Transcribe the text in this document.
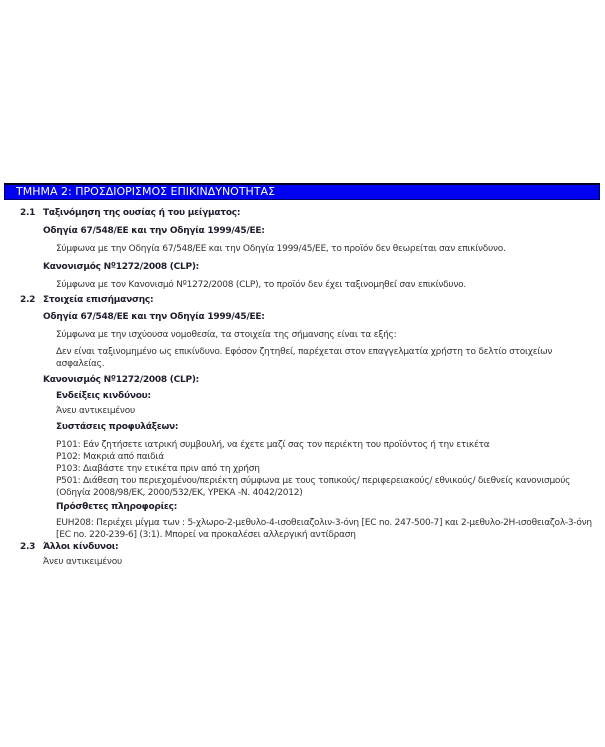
ΤΜΗΜΑ 2: ΠΡΟΣΔΙΟΡΙΣΜΟΣ ΕΠΙΚΙΝΔΥΝΟΤΗΤΑΣ
2.1 Ταξινόμηση της ουσίας ή του μείγματος:
Οδηγία 67/548/ΕΕ και την Οδηγία 1999/45/ΕΕ:
Σύμφωνα με την Οδηγία 67/548/ΕΕ και την Οδηγία 1999/45/ΕΕ, το προϊόν δεν θεωρείται σαν επικίνδυνο.
Κανονισμός Nº1272/2008 (CLP):
Σύμφωνα με τον Κανονισμό Nº1272/2008 (CLP), το προϊόν δεν έχει ταξινομηθεί σαν επικίνδυνο.
2.2 Στοιχεία επισήμανσης:
Οδηγία 67/548/ΕΕ και την Οδηγία 1999/45/ΕΕ:
Σύμφωνα με την ισχύουσα νομοθεσία, τα στοιχεία της σήμανσης είναι τα εξής:
Δεν είναι ταξινομημένο ως επικίνδυνο. Εφόσον ζητηθεί, παρέχεται στον επαγγελματία χρήστη το δελτίο στοιχείων ασφαλείας.
Κανονισμός Nº1272/2008 (CLP):
Ενδείξεις κινδύνου:
Άνευ αντικειμένου
Συστάσεις προφυλάξεων:
P101: Εάν ζητήσετε ιατρική συμβουλή, να έχετε μαζί σας τον περιέκτη του προϊόντος ή την ετικέτα
P102: Μακριά από παιδιά
P103: Διαβάστε την ετικέτα πριν από τη χρήση
P501: Διάθεση του περιεχομένου/περιέκτη σύμφωνα με τους τοπικούς/ περιφερειακούς/ εθνικούς/ διεθνείς κανονισμούς (Οδηγία 2008/98/ΕΚ, 2000/532/ΕΚ, ΥΡΕΚΑ -Ν. 4042/2012)
Πρόσθετες πληροφορίες:
EUH208: Περιέχει μίγμα των : 5-χλωρο-2-μεθυλο-4-ισοθειαζολιν-3-όνη [EC no. 247-500-7] και 2-μεθυλο-2H-ισοθειαζολ-3-όνη [EC no. 220-239-6] (3:1). Μπορεί να προκαλέσει αλλεργική αντίδραση
2.3 Άλλοι κίνδυνοι:
Άνευ αντικειμένου
